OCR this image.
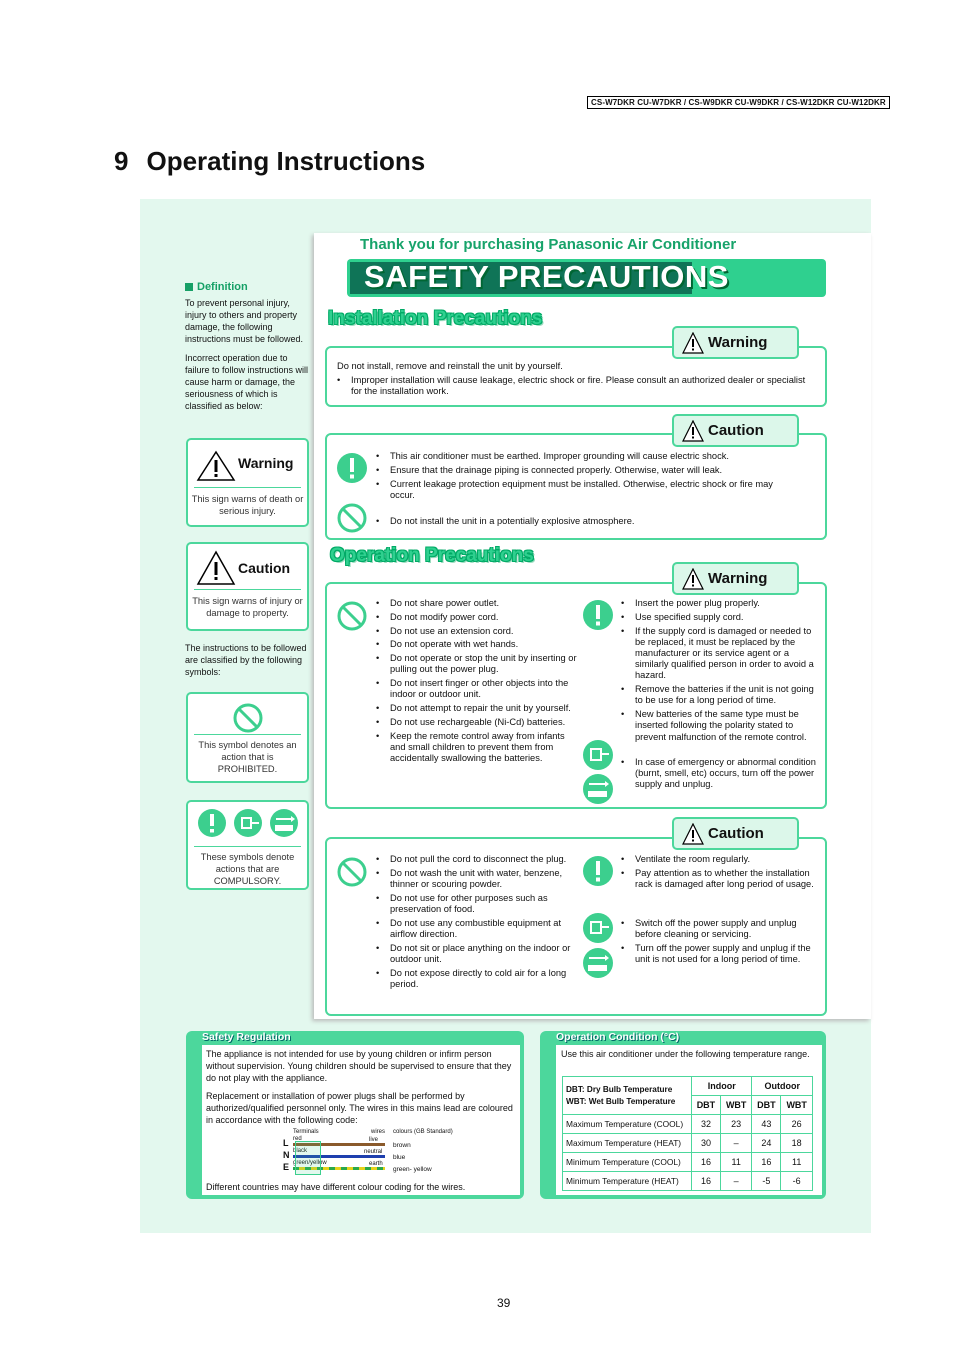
CS-W7DKR CU-W7DKR / CS-W9DKR CU-W9DKR / CS-W12DKR CU-W12DKR
9 Operating Instructions
Thank you for purchasing Panasonic Air Conditioner
SAFETY PRECAUTIONS
Definition
To prevent personal injury, injury to others and property damage, the following instructions must be followed.
Incorrect operation due to failure to follow instructions will cause harm or damage, the seriousness of which is classified as below:
Warning
This sign warns of death or serious injury.
Caution
This sign warns of injury or damage to property.
The instructions to be followed are classified by the following symbols:
This symbol denotes an action that is PROHIBITED.
These symbols denote actions that are COMPULSORY.
Installation Precautions
Warning
Do not install, remove and reinstall the unit by yourself.
• Improper installation will cause leakage, electric shock or fire. Please consult an authorized dealer or specialist for the installation work.
Caution
• This air conditioner must be earthed. Improper grounding will cause electric shock.
• Ensure that the drainage piping is connected properly. Otherwise, water will leak.
• Current leakage protection equipment must be installed. Otherwise, electric shock or fire may occur.
• Do not install the unit in a potentially explosive atmosphere.
Operation Precautions
Warning
• Do not share power outlet.
• Do not modify power cord.
• Do not use an extension cord.
• Do not operate with wet hands.
• Do not operate or stop the unit by inserting or pulling out the power plug.
• Do not insert finger or other objects into the indoor or outdoor unit.
• Do not attempt to repair the unit by yourself.
• Do not use rechargeable (Ni-Cd) batteries.
• Keep the remote control away from infants and small children to prevent them from accidentally swallowing the batteries.
• Insert the power plug properly.
• Use specified supply cord.
• If the supply cord is damaged or needed to be replaced, it must be replaced by the manufacturer or its service agent or a similarly qualified person in order to avoid a hazard.
• Remove the batteries if the unit is not going to be use for a long period of time.
• New batteries of the same type must be inserted following the polarity stated to prevent malfunction of the remote control.
• In case of emergency or abnormal condition (burnt, smell, etc) occurs, turn off the power supply and unplug.
Caution
• Do not pull the cord to disconnect the plug.
• Do not wash the unit with water, benzene, thinner or scouring powder.
• Do not use for other purposes such as preservation of food.
• Do not use any combustible equipment at airflow direction.
• Do not sit or place anything on the indoor or outdoor unit.
• Do not expose directly to cold air for a long period.
• Ventilate the room regularly.
• Pay attention as to whether the installation rack is damaged after long period of usage.
• Switch off the power supply and unplug before cleaning or servicing.
• Turn off the power supply and unplug if the unit is not used for a long period of time.
Safety Regulation
The appliance is not intended for use by young children or infirm person without supervision. Young children should be supervised to ensure that they do not play with the appliance.
Replacement or installation of power plugs shall be performed by authorized/qualified personnel only. The wires in this mains lead are coloured in accordance with the following code:
Terminals	wires colours (GB Standard)
L
N
E
red
black
green/yellow
live
neutral
earth
brown
blue
green- yellow
Different countries may have different colour coding for the wires.
Operation Condition (°C)
Use this air conditioner under the following temperature range.
DBT: Dry Bulb Temperature
WBT: Wet Bulb Temperature	Indoor		Outdoor	
	DBT	WBT	DBT	WBT
Maximum Temperature (COOL)	32	23	43	26
Maximum Temperature (HEAT)	30	–	24	18
Minimum Temperature (COOL)	16	11	16	11
Minimum Temperature (HEAT)	16	–	-5	-6
39
